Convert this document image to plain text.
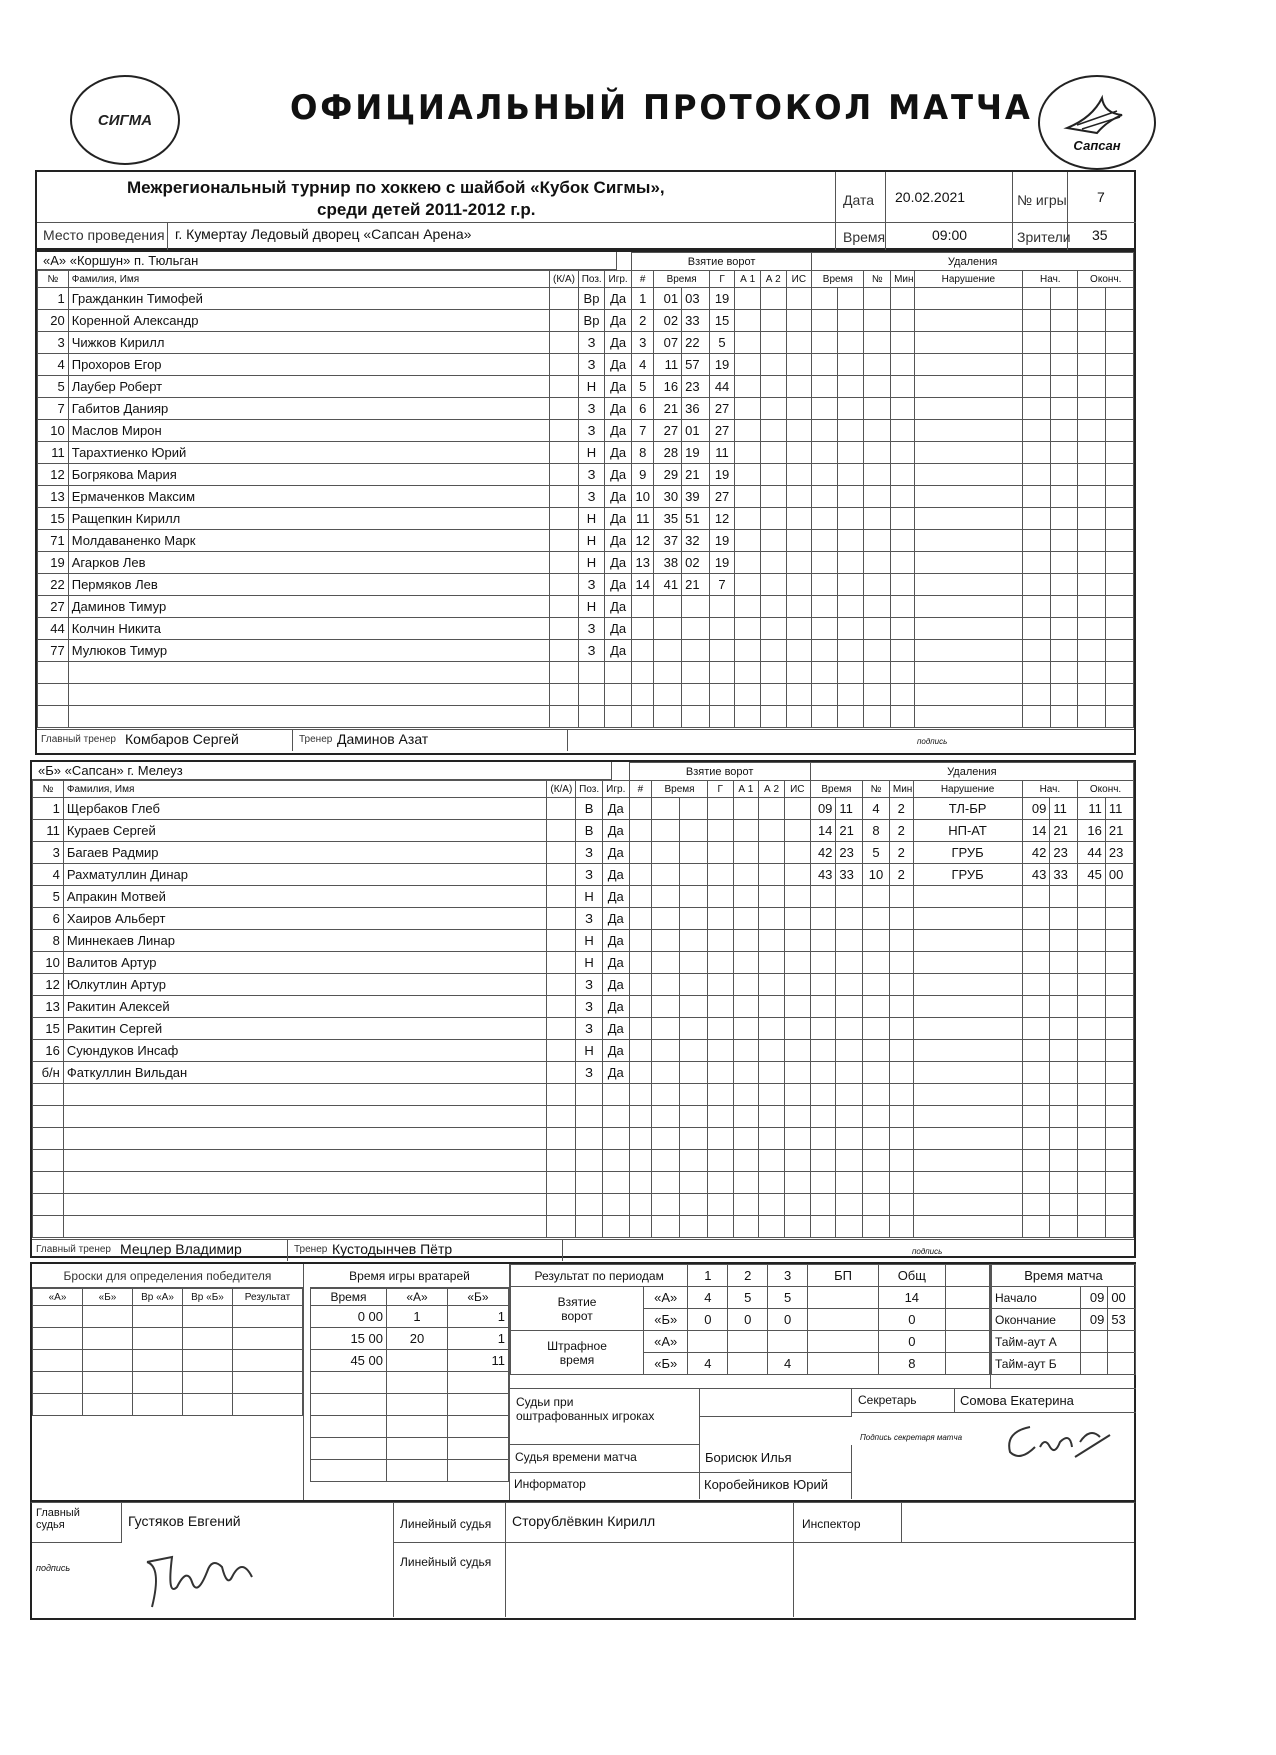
СИГМА	ОФИЦИАЛЬНЫЙ ПРОТОКОЛ МАТЧА
Сапсан
Межрегиональный турнир по хоккею с шайбой «Кубок Сигмы»,
среди детей 2011-2012 г.р.
Место проведения г. Кумертау Ледовый дворец «Сапсан Арена»
Дата 20.02.2021	№ игры 7
Время	09:00	Зрители 35
«А» «Коршун» п. Тюльган
					Взятие ворот							Удаления								
№	Фамилия, Имя	(К/А)	Поз.	Игр.	#	Время		Г	А 1	А 2	ИС	Время		№	Мин	Нарушение	Нач.		Оконч.	
1	Гражданкин Тимофей		Вр	Да	1	01	03	19												
20	Коренной Александр		Вр	Да	2	02	33	15												
3	Чижков Кирилл		З	Да	3	07	22	5												
4	Прохоров Егор		З	Да	4	11	57	19												
5	Лаубер Роберт		Н	Да	5	16	23	44												
7	Габитов Данияр		З	Да	6	21	36	27												
10	Маслов Мирон		З	Да	7	27	01	27												
11	Тарахтиенко Юрий		Н	Да	8	28	19	11												
12	Богрякова Мария		З	Да	9	29	21	19												
13	Ермаченков Максим		З	Да	10	30	39	27												
15	Ращепкин Кирилл		Н	Да	11	35	51	12												
71	Молдаваненко Марк		Н	Да	12	37	32	19												
19	Агарков Лев		Н	Да	13	38	02	19												
22	Пермяков Лев		З	Да	14	41	21	7												
27	Даминов Тимур		Н	Да																
44	Колчин Никита		З	Да																
77	Мулюков Тимур		З	Да																

Главный тренер Комбаров Сергей	Тренер Даминов Азат	подпись
«Б» «Сапсан» г. Мелеуз
					Взятие ворот							Удаления								
№	Фамилия, Имя	(К/А)	Поз.	Игр.	#	Время		Г	А 1	А 2	ИС	Время		№	Мин	Нарушение	Нач.		Оконч.	
1	Щербаков Глеб		В	Да								09	11	4	2	ТЛ-БР	09	11	11	11
11	Кураев Сергей		В	Да								14	21	8	2	НП-АТ	14	21	16	21
3	Багаев Радмир		З	Да								42	23	5	2	ГРУБ	42	23	44	23
4	Рахматуллин Динар		З	Да								43	33	10	2	ГРУБ	43	33	45	00
5	Апракин Мотвей		Н	Да																
6	Хаиров Альберт		З	Да																
8	Миннекаев Линар		Н	Да																
10	Валитов Артур		Н	Да																
12	Юлкутлин Артур		З	Да																
13	Ракитин Алексей		З	Да																
15	Ракитин Сергей		З	Да																
16	Суюндуков Инсаф		Н	Да																
б/н	Фаткуллин Вильдан		З	Да																

Главный тренер Мецлер Владимир	Тренер Кустодынчев Пётр	подпись
Броски для определения победителя
«А»	«Б»	Вр «А»	Вр «Б»	Результат

Время игры вратарей
Время	«А»	«Б»
0 00	1	1
15 00	20	1
45 00		11

Результат по периодам		1	2	3	БП	Общ	

Взятие
ворот	«А»	4	5	5		14	
	«Б»	0	0	0		0	

Штрафное
время	«А»					0	
	«Б»	4		4		8	
Время матча		
Начало	09	00
Окончание	09	53
Тайм-аут А		
Тайм-аут Б		
Судьи при
оштрафованных игроках
Судья времени матча	Борисюк Илья
Информатор	Коробейников Юрий
Секретарь	Сомова Екатерина
Подпись секретаря матча
Главный
судья	Густяков Евгений
подпись
Линейный судья Сторублёвкин Кирилл
Линейный судья
Инспектор
